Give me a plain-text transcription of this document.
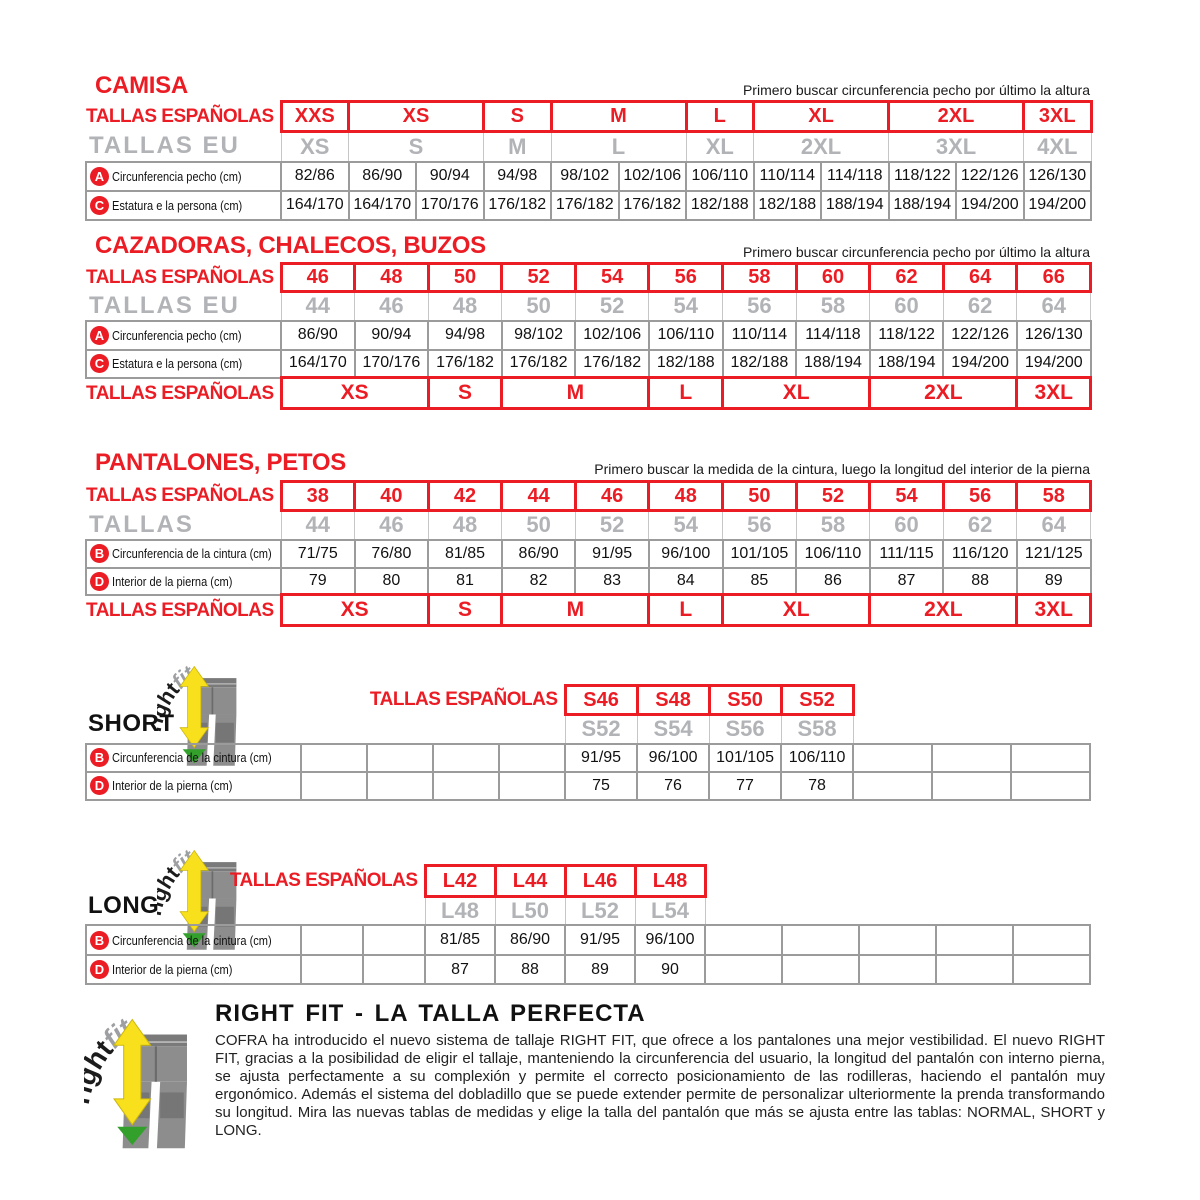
CAMISA	Primero buscar circunferencia pecho por último la altura
TALLAS ESPAÑOLAS	XXS	XS		S	M		L	XL		2XL		3XL
TALLAS EU	XS	S		M	L		XL	2XL		3XL		4XL
A Circunferencia pecho (cm)	82/86	86/90	90/94	94/98	98/102	102/106	106/110	110/114	114/118	118/122	122/126	126/130
C Estatura e la persona (cm)	164/170	164/170	170/176	176/182	176/182	176/182	182/188	182/188	188/194	188/194	194/200	194/200
CAZADORAS, CHALECOS, BUZOS	Primero buscar circunferencia pecho por último la altura
TALLAS ESPAÑOLAS	46	48	50	52	54	56	58	60	62	64	66
TALLAS EU	44	46	48	50	52	54	56	58	60	62	64
A Circunferencia pecho (cm)	86/90	90/94	94/98	98/102	102/106	106/110	110/114	114/118	118/122	122/126	126/130
C Estatura e la persona (cm)	164/170	170/176	176/182	176/182	176/182	182/188	182/188	188/194	188/194	194/200	194/200
TALLAS ESPAÑOLAS	XS		S	M		L	XL		2XL		3XL
PANTALONES, PETOS	Primero buscar la medida de la cintura, luego la longitud del interior de la pierna
TALLAS ESPAÑOLAS	38	40	42	44	46	48	50	52	54	56	58
TALLAS	44	46	48	50	52	54	56	58	60	62	64
B Circunferencia de la cintura (cm)	71/75	76/80	81/85	86/90	91/95	96/100	101/105	106/110	111/115	116/120	121/125
D Interior de la pierna (cm)	79	80	81	82	83	84	85	86	87	88	89
TALLAS ESPAÑOLAS	XS		S	M		L	XL		2XL		3XL
SHORT
TALLAS ESPAÑOLAS					S46	S48	S50	S52			
					S52	S54	S56	S58			
B Circunferencia de la cintura (cm)					91/95	96/100	101/105	106/110			
D Interior de la pierna (cm)					75	76	77	78			
LONG
TALLAS ESPAÑOLAS			L42	L44	L46	L48					
			L48	L50	L52	L54					
B Circunferencia de la cintura (cm)			81/85	86/90	91/95	96/100					
D Interior de la pierna (cm)			87	88	89	90					
RIGHT FIT - LA TALLA PERFECTA
COFRA ha introducido el nuevo sistema de tallaje RIGHT FIT, que ofrece a los pantalones una mejor vestibilidad. El nuevo RIGHT FIT, gracias a la posibilidad de eligir el tallaje, manteniendo la circunferencia del usuario, la longitud del pantalón con interno pierna, se ajusta perfectamente a su complexión y permite el correcto posicionamiento de las rodilleras, haciendo el pantalón muy ergonómico. Además el sistema del dobladillo que se puede extender permite de personalizar ulteriormente la prenda transformando su longitud. Mira las nuevas tablas de medidas y elige la talla del pantalón que más se ajusta entre las tablas: NORMAL, SHORT y LONG.
